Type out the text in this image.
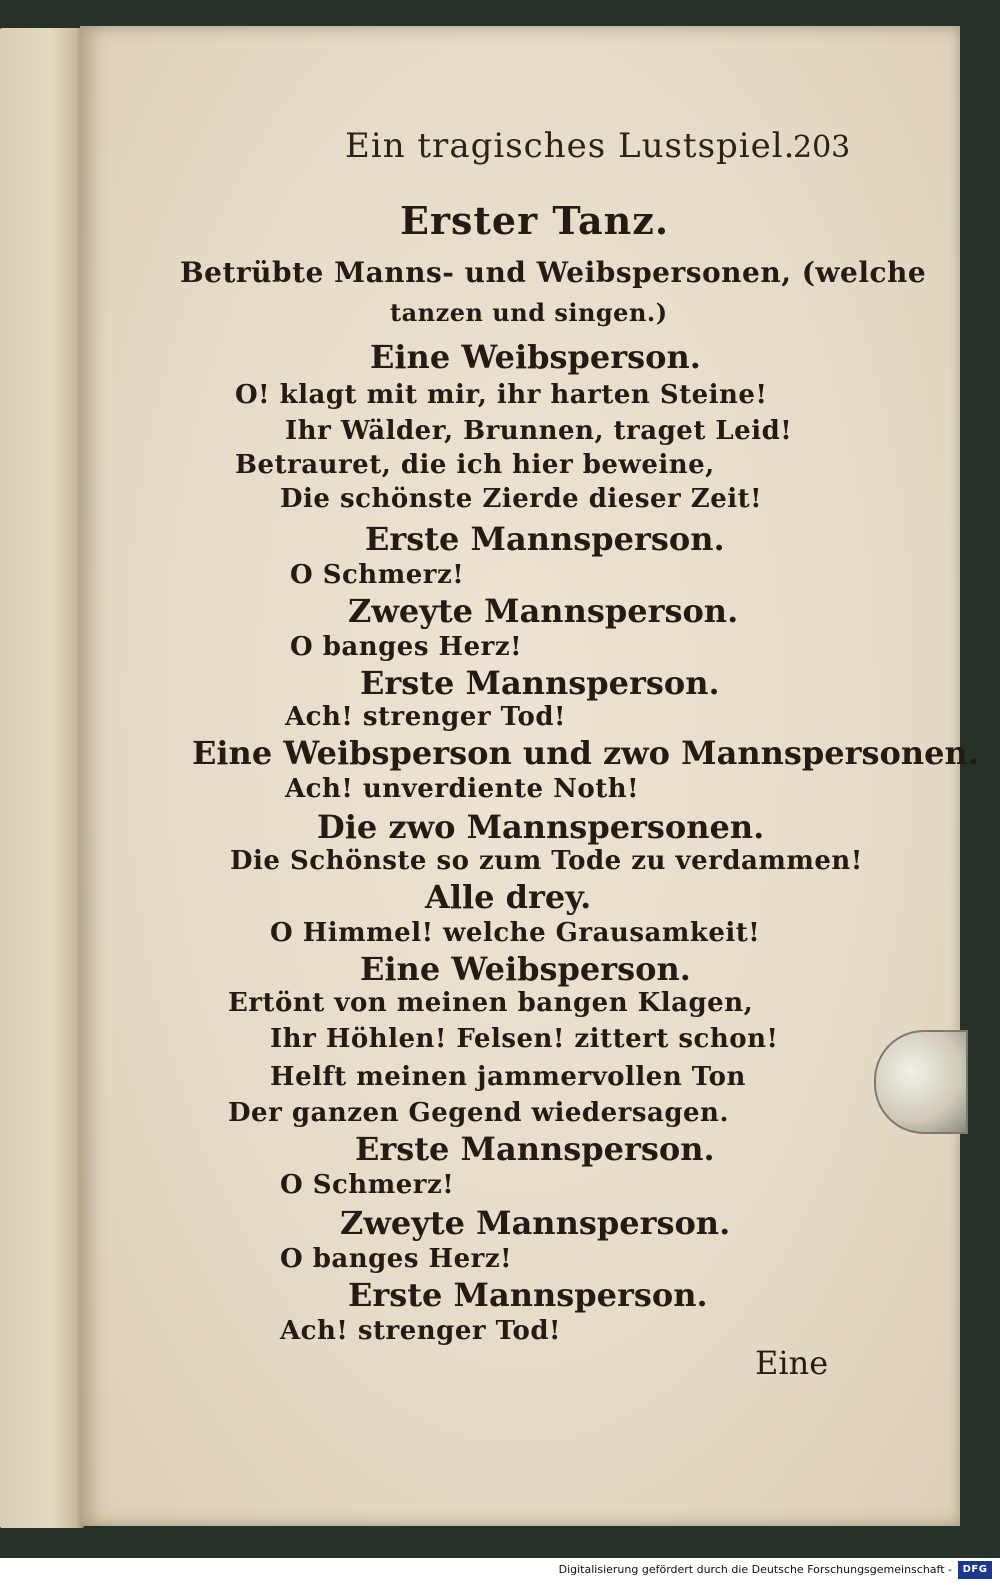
Ein tragisches Lustspiel.
203
Erster Tanz.
Betrübte Manns- und Weibspersonen, (welche
tanzen und singen.)
Eine Weibsperson.
O! klagt mit mir, ihr harten Steine!
Ihr Wälder, Brunnen, traget Leid!
Betrauret, die ich hier beweine,
Die schönste Zierde dieser Zeit!
Erste Mannsperson.
O Schmerz!
Zweyte Mannsperson.
O banges Herz!
Erste Mannsperson.
Ach! strenger Tod!
Eine Weibsperson und zwo Mannspersonen.
Ach! unverdiente Noth!
Die zwo Mannspersonen.
Die Schönste so zum Tode zu verdammen!
Alle drey.
O Himmel! welche Grausamkeit!
Eine Weibsperson.
Ertönt von meinen bangen Klagen,
Ihr Höhlen! Felsen! zittert schon!
Helft meinen jammervollen Ton
Der ganzen Gegend wiedersagen.
Erste Mannsperson.
O Schmerz!
Zweyte Mannsperson.
O banges Herz!
Erste Mannsperson.
Ach! strenger Tod!
Eine
Digitalisierung gefördert durch die Deutsche Forschungsgemeinschaft -	DFG
